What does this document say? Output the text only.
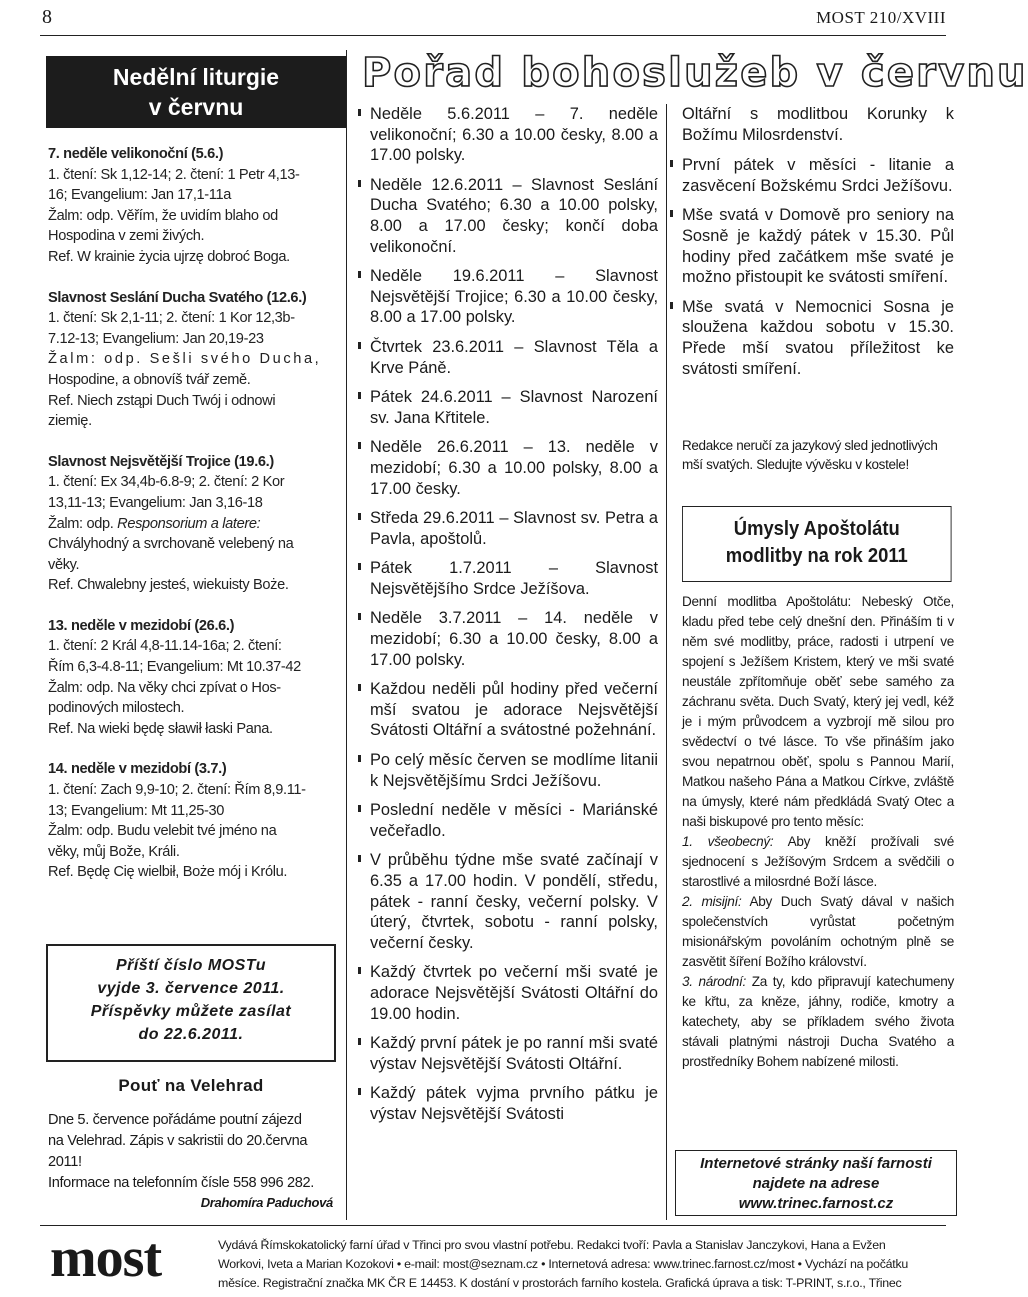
8	MOST 210/XVIII
Nedělní liturgie
v červnu
7. neděle velikonoční (5.6.)
1. čtení: Sk 1,12-14; 2. čtení: 1 Petr 4,13-
16; Evangelium: Jan 17,1-11a
Žalm: odp. Věřím, že uvidím blaho od
Hospodina v zemi živých.
Ref. W krainie życia ujrzę dobroć Boga.
Slavnost Seslání Ducha Svatého (12.6.)
1. čtení: Sk 2,1-11; 2. čtení: 1 Kor 12,3b-
7.12-13; Evangelium: Jan 20,19-23
Žalm: odp. Sešli svého Ducha,
Hospodine, a obnovíš tvář země.
Ref. Niech zstąpi Duch Twój i odnowi
ziemię.
Slavnost Nejsvětější Trojice (19.6.)
1. čtení: Ex 34,4b-6.8-9; 2. čtení: 2 Kor
13,11-13; Evangelium: Jan 3,16-18
Žalm: odp. Responsorium a latere:
Chvályhodný a svrchovaně velebený na
věky.
Ref. Chwalebny jesteś, wiekuisty Boże.
13. neděle v mezidobí (26.6.)
1. čtení: 2 Král 4,8-11.14-16a; 2. čtení:
Řím 6,3-4.8-11; Evangelium: Mt 10.37-42
Žalm: odp. Na věky chci zpívat o Hos-
podinových milostech.
Ref. Na wieki będę sławił łaski Pana.
14. neděle v mezidobí (3.7.)
1. čtení: Zach 9,9-10; 2. čtení: Řím 8,9.11-
13; Evangelium: Mt 11,25-30
Žalm: odp. Budu velebit tvé jméno na
věky, můj Bože, Králi.
Ref. Będę Cię wielbił, Boże mój i Królu.
Příští číslo MOSTu
vyjde 3. července 2011.
Příspěvky můžete zasílat
do 22.6.2011.
Pouť na Velehrad
Dne 5. července pořádáme poutní zájezd
na Velehrad. Zápis v sakristii do 20.června
2011!
Informace na telefonním čísle 558 996 282.
Drahomíra Paduchová
Pořad bohoslužeb v červnu
Neděle 5.6.2011 – 7. neděle velikonoční; 6.30 a 10.00 česky, 8.00 a 17.00 polsky.
Neděle 12.6.2011 – Slavnost Seslání Ducha Svatého; 6.30 a 10.00 polsky, 8.00 a 17.00 česky; končí doba velikonoční.
Neděle 19.6.2011 – Slavnost Nejsvětější Trojice; 6.30 a 10.00 česky, 8.00 a 17.00 polsky.
Čtvrtek 23.6.2011 – Slavnost Těla a Krve Páně.
Pátek 24.6.2011 – Slavnost Narození sv. Jana Křtitele.
Neděle 26.6.2011 – 13. neděle v mezidobí; 6.30 a 10.00 polsky, 8.00 a 17.00 česky.
Středa 29.6.2011 – Slavnost sv. Petra a Pavla, apoštolů.
Pátek 1.7.2011 – Slavnost Nejsvětějšího Srdce Ježíšova.
Neděle 3.7.2011 – 14. neděle v mezidobí; 6.30 a 10.00 česky, 8.00 a 17.00 polsky.
Každou neděli půl hodiny před večerní mší svatou je adorace Nejsvětější Svátosti Oltářní a svátostné požehnání.
Po celý měsíc červen se modlíme litanii k Nejsvětějšímu Srdci Ježíšovu.
Poslední neděle v měsíci - Mariánské večeřadlo.
V průběhu týdne mše svaté začínají v 6.35 a 17.00 hodin. V pondělí, středu, pátek - ranní česky, večerní polsky. V úterý, čtvrtek, sobotu - ranní polsky, večerní česky.
Každý čtvrtek po večerní mši svaté je adorace Nejsvětější Svátosti Oltářní do 19.00 hodin.
Každý první pátek je po ranní mši svaté výstav Nejsvětější Svátosti Oltářní.
Každý pátek vyjma prvního pátku je výstav Nejsvětější Svátosti

Oltářní s modlitbou Korunky k Božímu Milosrdenství.

První pátek v měsíci - litanie a zasvěcení Božskému Srdci Ježíšovu.
Mše svatá v Domově pro seniory na Sosně je každý pátek v 15.30. Půl hodiny před začátkem mše svaté je možno přistoupit ke svátosti smíření.
Mše svatá v Nemocnici Sosna je sloužena každou sobotu v 15.30. Přede mší svatou příležitost ke svátosti smíření.
Redakce neručí za jazykový sled jednotlivých mší svatých. Sledujte vývěsku v kostele!
Úmysly Apoštolátu
modlitby na rok 2011

Denní modlitba Apoštolátu: Nebeský Otče, kladu před tebe celý dnešní den. Přináším ti v něm své modlitby, práce, radosti i utrpení ve spojení s Ježíšem Kristem, který ve mši svaté neustále zpřítomňuje oběť sebe samého za záchranu světa. Duch Svatý, který jej vedl, kéž je i mým průvodcem a vyzbrojí mě silou pro svědectví o tvé lásce. To vše přináším jako svou nepatrnou oběť, spolu s Pannou Marií, Matkou našeho Pána a Matkou Církve, zvláště na úmysly, které nám předkládá Svatý Otec a naši biskupové pro tento měsíc:

1. všeobecný: Aby kněží prožívali své sjednocení s Ježíšovým Srdcem a svědčili o starostlivé a milosrdné Boží lásce.

2. misijní: Aby Duch Svatý dával v našich společenstvích vyrůstat početným misionářským povoláním ochotným plně se zasvětit šíření Božího království.

3. národní: Za ty, kdo připravují katechumeny ke křtu, za kněze, jáhny, rodiče, kmotry a katechety, aby se příkladem svého života stávali platnými nástroji Ducha Svatého a prostředníky Bohem nabízené milosti.

Internetové stránky naší farnosti
najdete na adrese
www.trinec.farnost.cz
most	Vydává Římskokatolický farní úřad v Třinci pro svou vlastní potřebu. Redakci tvoří: Pavla a Stanislav Janczykovi, Hana a Evžen
Workovi, Iveta a Marian Kozokovi • e-mail: most@seznam.cz • Internetová adresa: www.trinec.farnost.cz/most • Vychází na počátku
měsíce. Registrační značka MK ČR E 14453. K dostání v prostorách farního kostela. Grafická úprava a tisk: T-PRINT, s.r.o., Třinec
